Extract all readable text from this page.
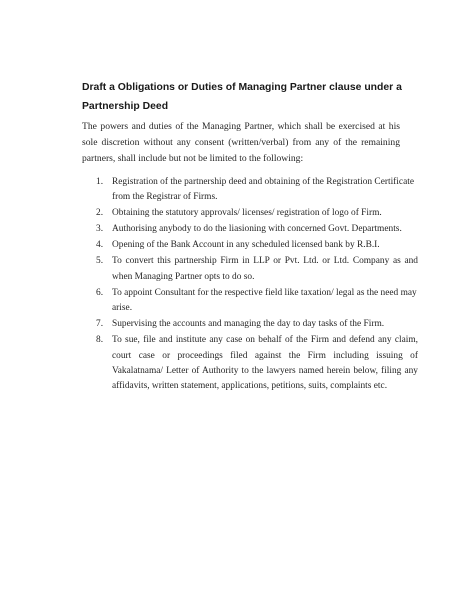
Draft a Obligations or Duties of Managing Partner clause under a Partnership Deed
The powers and duties of the Managing Partner, which shall be exercised at his sole discretion without any consent (written/verbal) from any of the remaining partners, shall include but not be limited to the following:
1. Registration of the partnership deed and obtaining of the Registration Certificate from the Registrar of Firms.
2. Obtaining the statutory approvals/ licenses/ registration of logo of Firm.
3. Authorising anybody to do the liasioning with concerned Govt. Departments.
4. Opening of the Bank Account in any scheduled licensed bank by R.B.I.
5. To convert this partnership Firm in LLP or Pvt. Ltd. or Ltd. Company as and when Managing Partner opts to do so.
6. To appoint Consultant for the respective field like taxation/ legal as the need may arise.
7. Supervising the accounts and managing the day to day tasks of the Firm.
8. To sue, file and institute any case on behalf of the Firm and defend any claim, court case or proceedings filed against the Firm including issuing of Vakalatnama/ Letter of Authority to the lawyers named herein below, filing any affidavits, written statement, applications, petitions, suits, complaints etc.
